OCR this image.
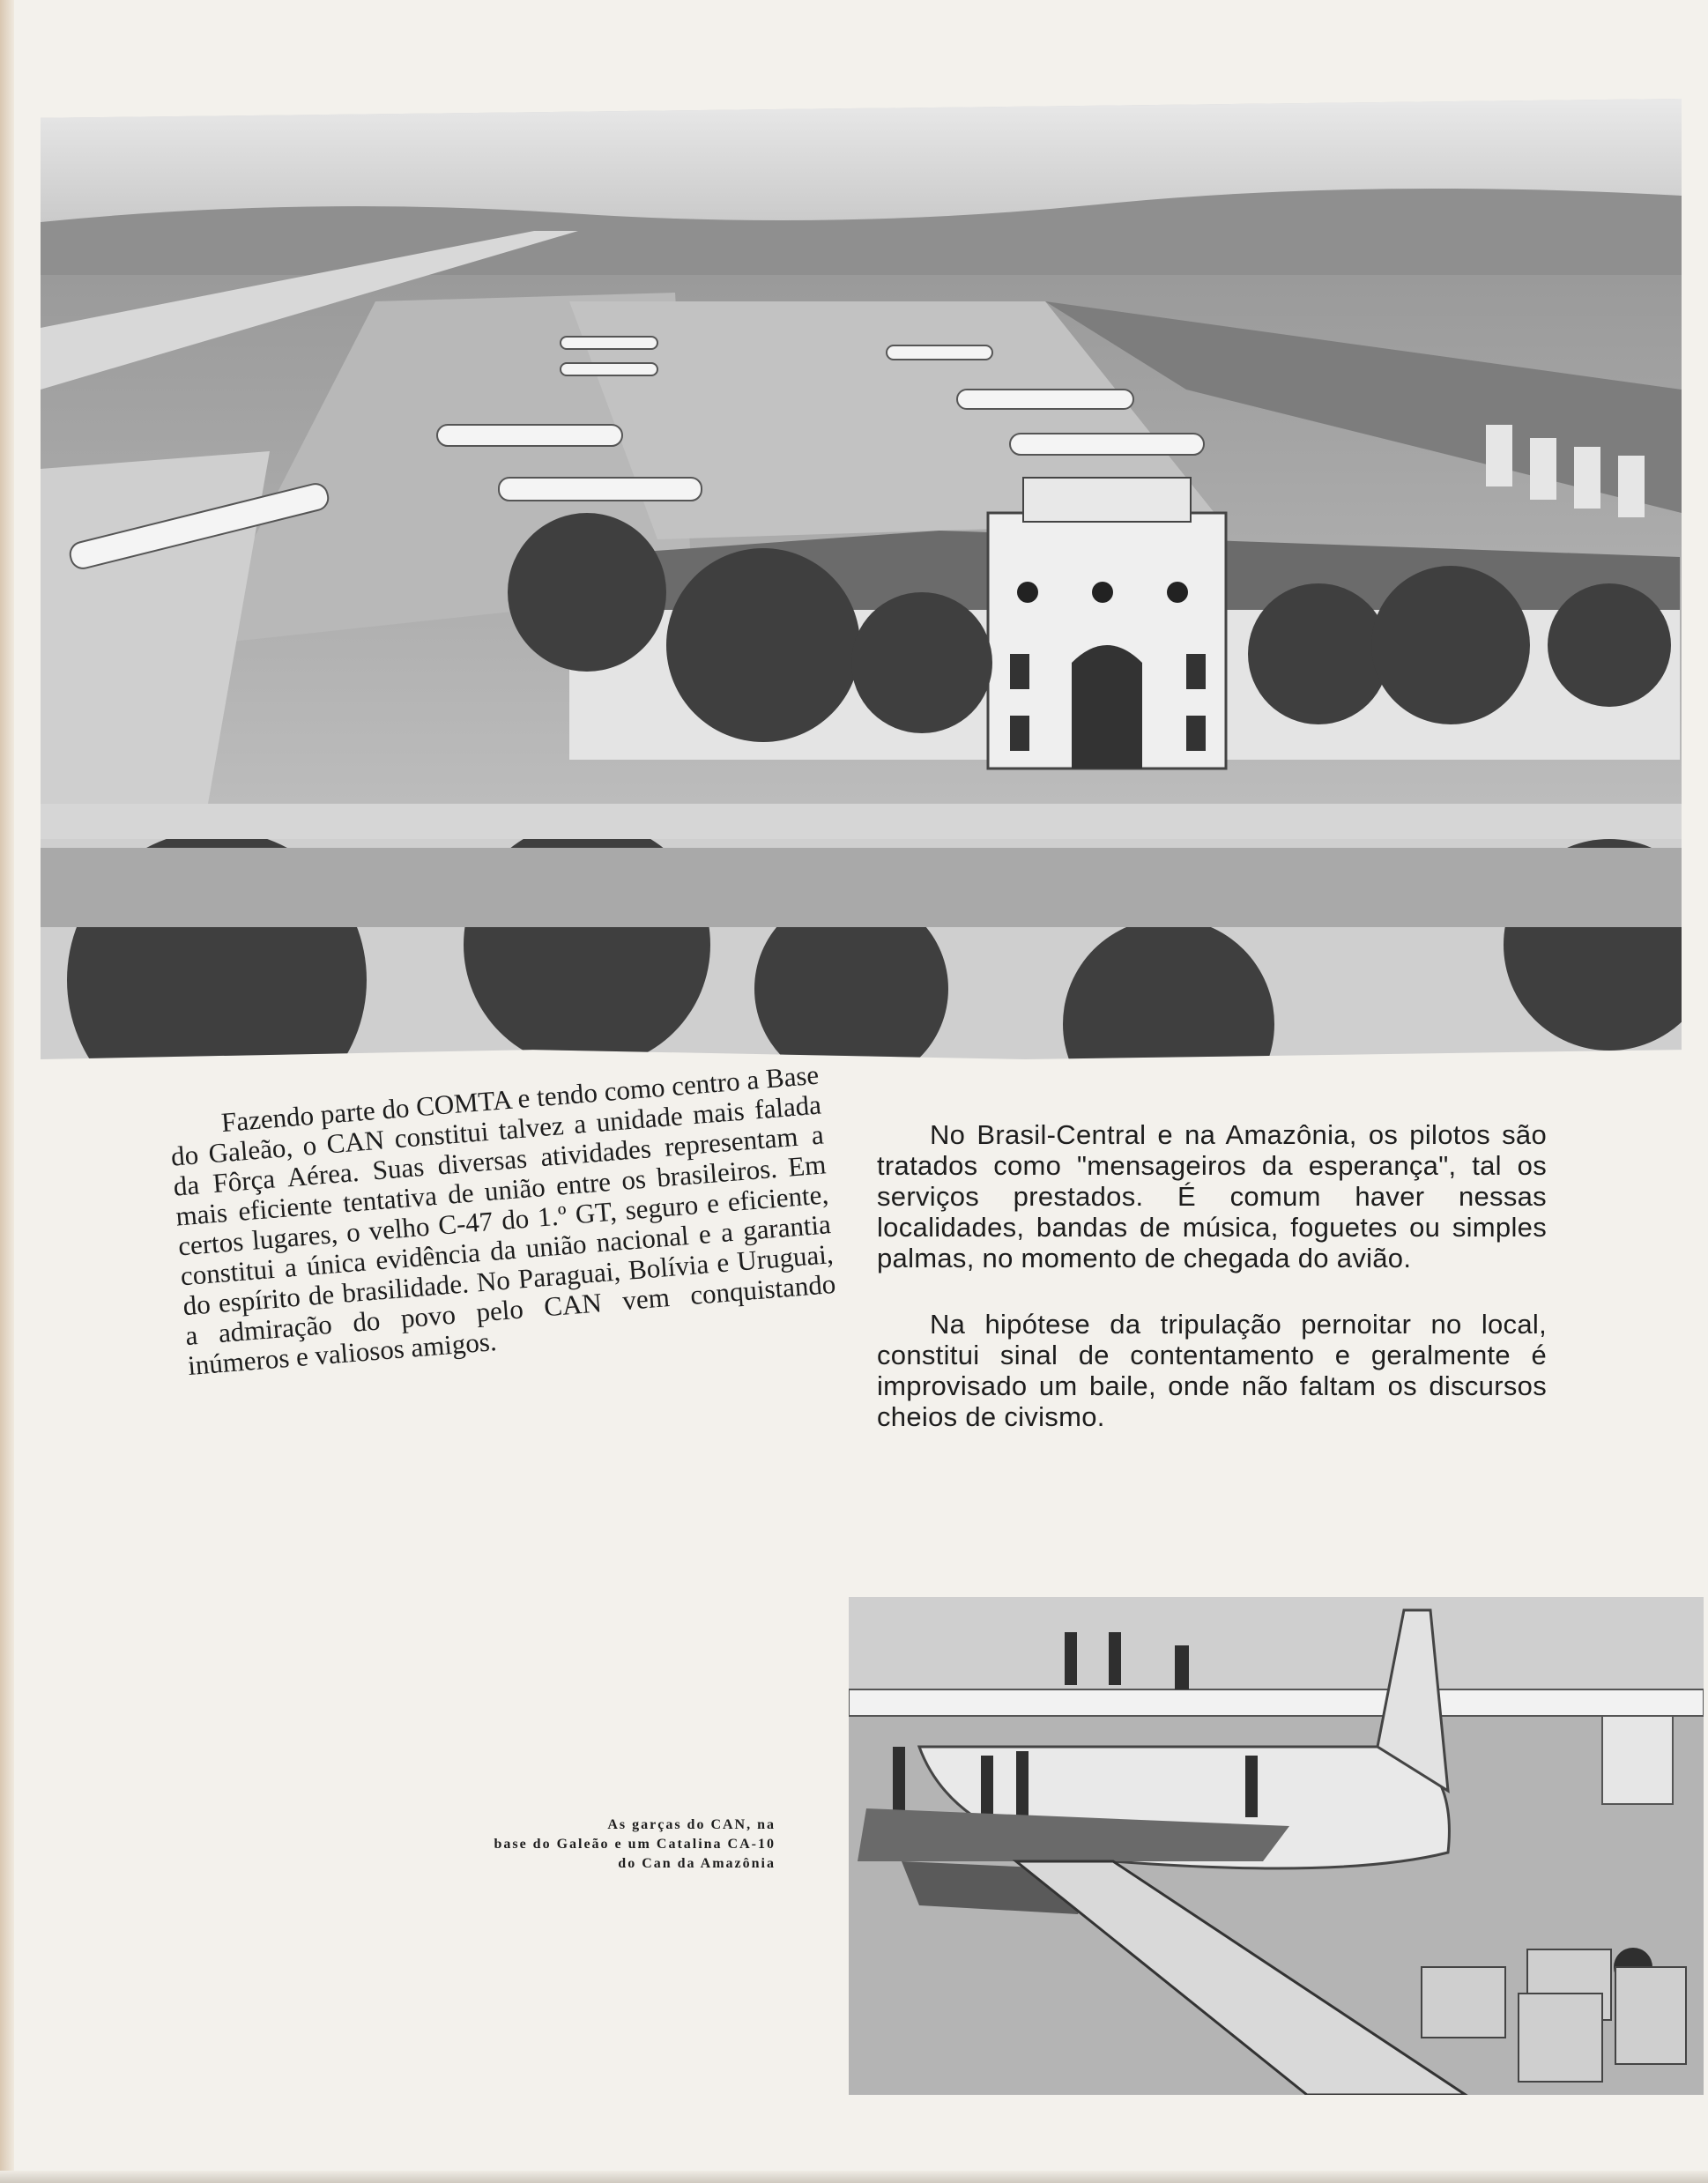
Fazendo parte do COMTA e tendo como centro a Base do Galeão, o CAN constitui talvez a unidade mais falada da Fôrça Aérea. Suas diversas atividades representam a mais eficiente tentativa de união entre os brasileiros. Em certos lugares, o velho C-47 do 1.º GT, seguro e eficiente, constitui a única evidência da união nacional e a garantia do espírito de brasilidade. No Paraguai, Bolívia e Uruguai, a admiração do povo pelo CAN vem conquistando inúmeros e valiosos amigos.

No Brasil-Central e na Amazônia, os pilotos são tratados como "mensageiros da esperança", tal os serviços prestados. É comum haver nessas localidades, bandas de música, foguetes ou simples palmas, no momento de chegada do avião.

Na hipótese da tripulação pernoitar no local, constitui sinal de contentamento e geralmente é improvisado um baile, onde não faltam os discursos cheios de civismo.

As garças do CAN, na
base do Galeão e um Catalina CA-10
do Can da Amazônia
